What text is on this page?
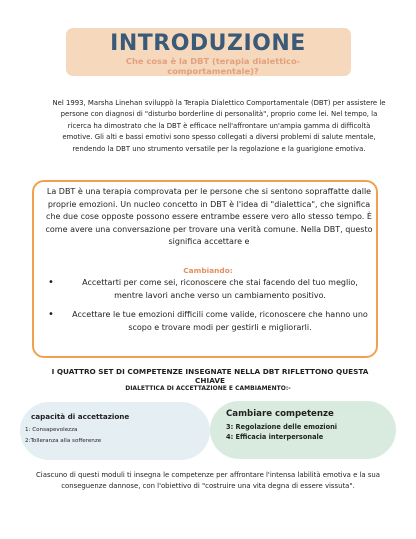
INTRODUZIONE
Che cosa è la DBT (terapia dialettico-comportamentale)?
Nel 1993, Marsha Linehan sviluppò la Terapia Dialettico Comportamentale (DBT) per assistere le persone con diagnosi di "disturbo borderline di personalità", proprio come lei. Nel tempo, la ricerca ha dimostrato che la DBT è efficace nell'affrontare un'ampia gamma di difficoltà emotive. Gli alti e bassi emotivi sono spesso collegati a diversi problemi di salute mentale, rendendo la DBT uno strumento versatile per la regolazione e la guarigione emotiva.
La DBT è una terapia comprovata per le persone che si sentono sopraffatte dalle proprie emozioni. Un nucleo concetto in DBT è l'idea di "dialettica", che significa che due cose opposte possono essere entrambe essere vero allo stesso tempo. È come avere una conversazione per trovare una verità comune. Nella DBT, questo significa accettare e
Cambiando:
•	Accettarti per come sei, riconoscere che stai facendo del tuo meglio, mentre lavori anche verso un cambiamento positivo.
• Accettare le tue emozioni difficili come valide, riconoscere che hanno uno scopo e trovare modi per gestirli e migliorarli.
I QUATTRO SET DI COMPETENZE INSEGNATE NELLA DBT RIFLETTONO QUESTA CHIAVE
DIALETTICA DI ACCETTAZIONE E CAMBIAMENTO:-
capacità di accettazione
1: Consapevolezza
2:Tolleranza alla sofferenze
Cambiare competenze
3: Regolazione delle emozioni
4: Efficacia interpersonale
Ciascuno di questi moduli ti insegna le competenze per affrontare l'intensa labilità emotiva e la sua conseguenze dannose, con l'obiettivo di "costruire una vita degna di essere vissuta".
